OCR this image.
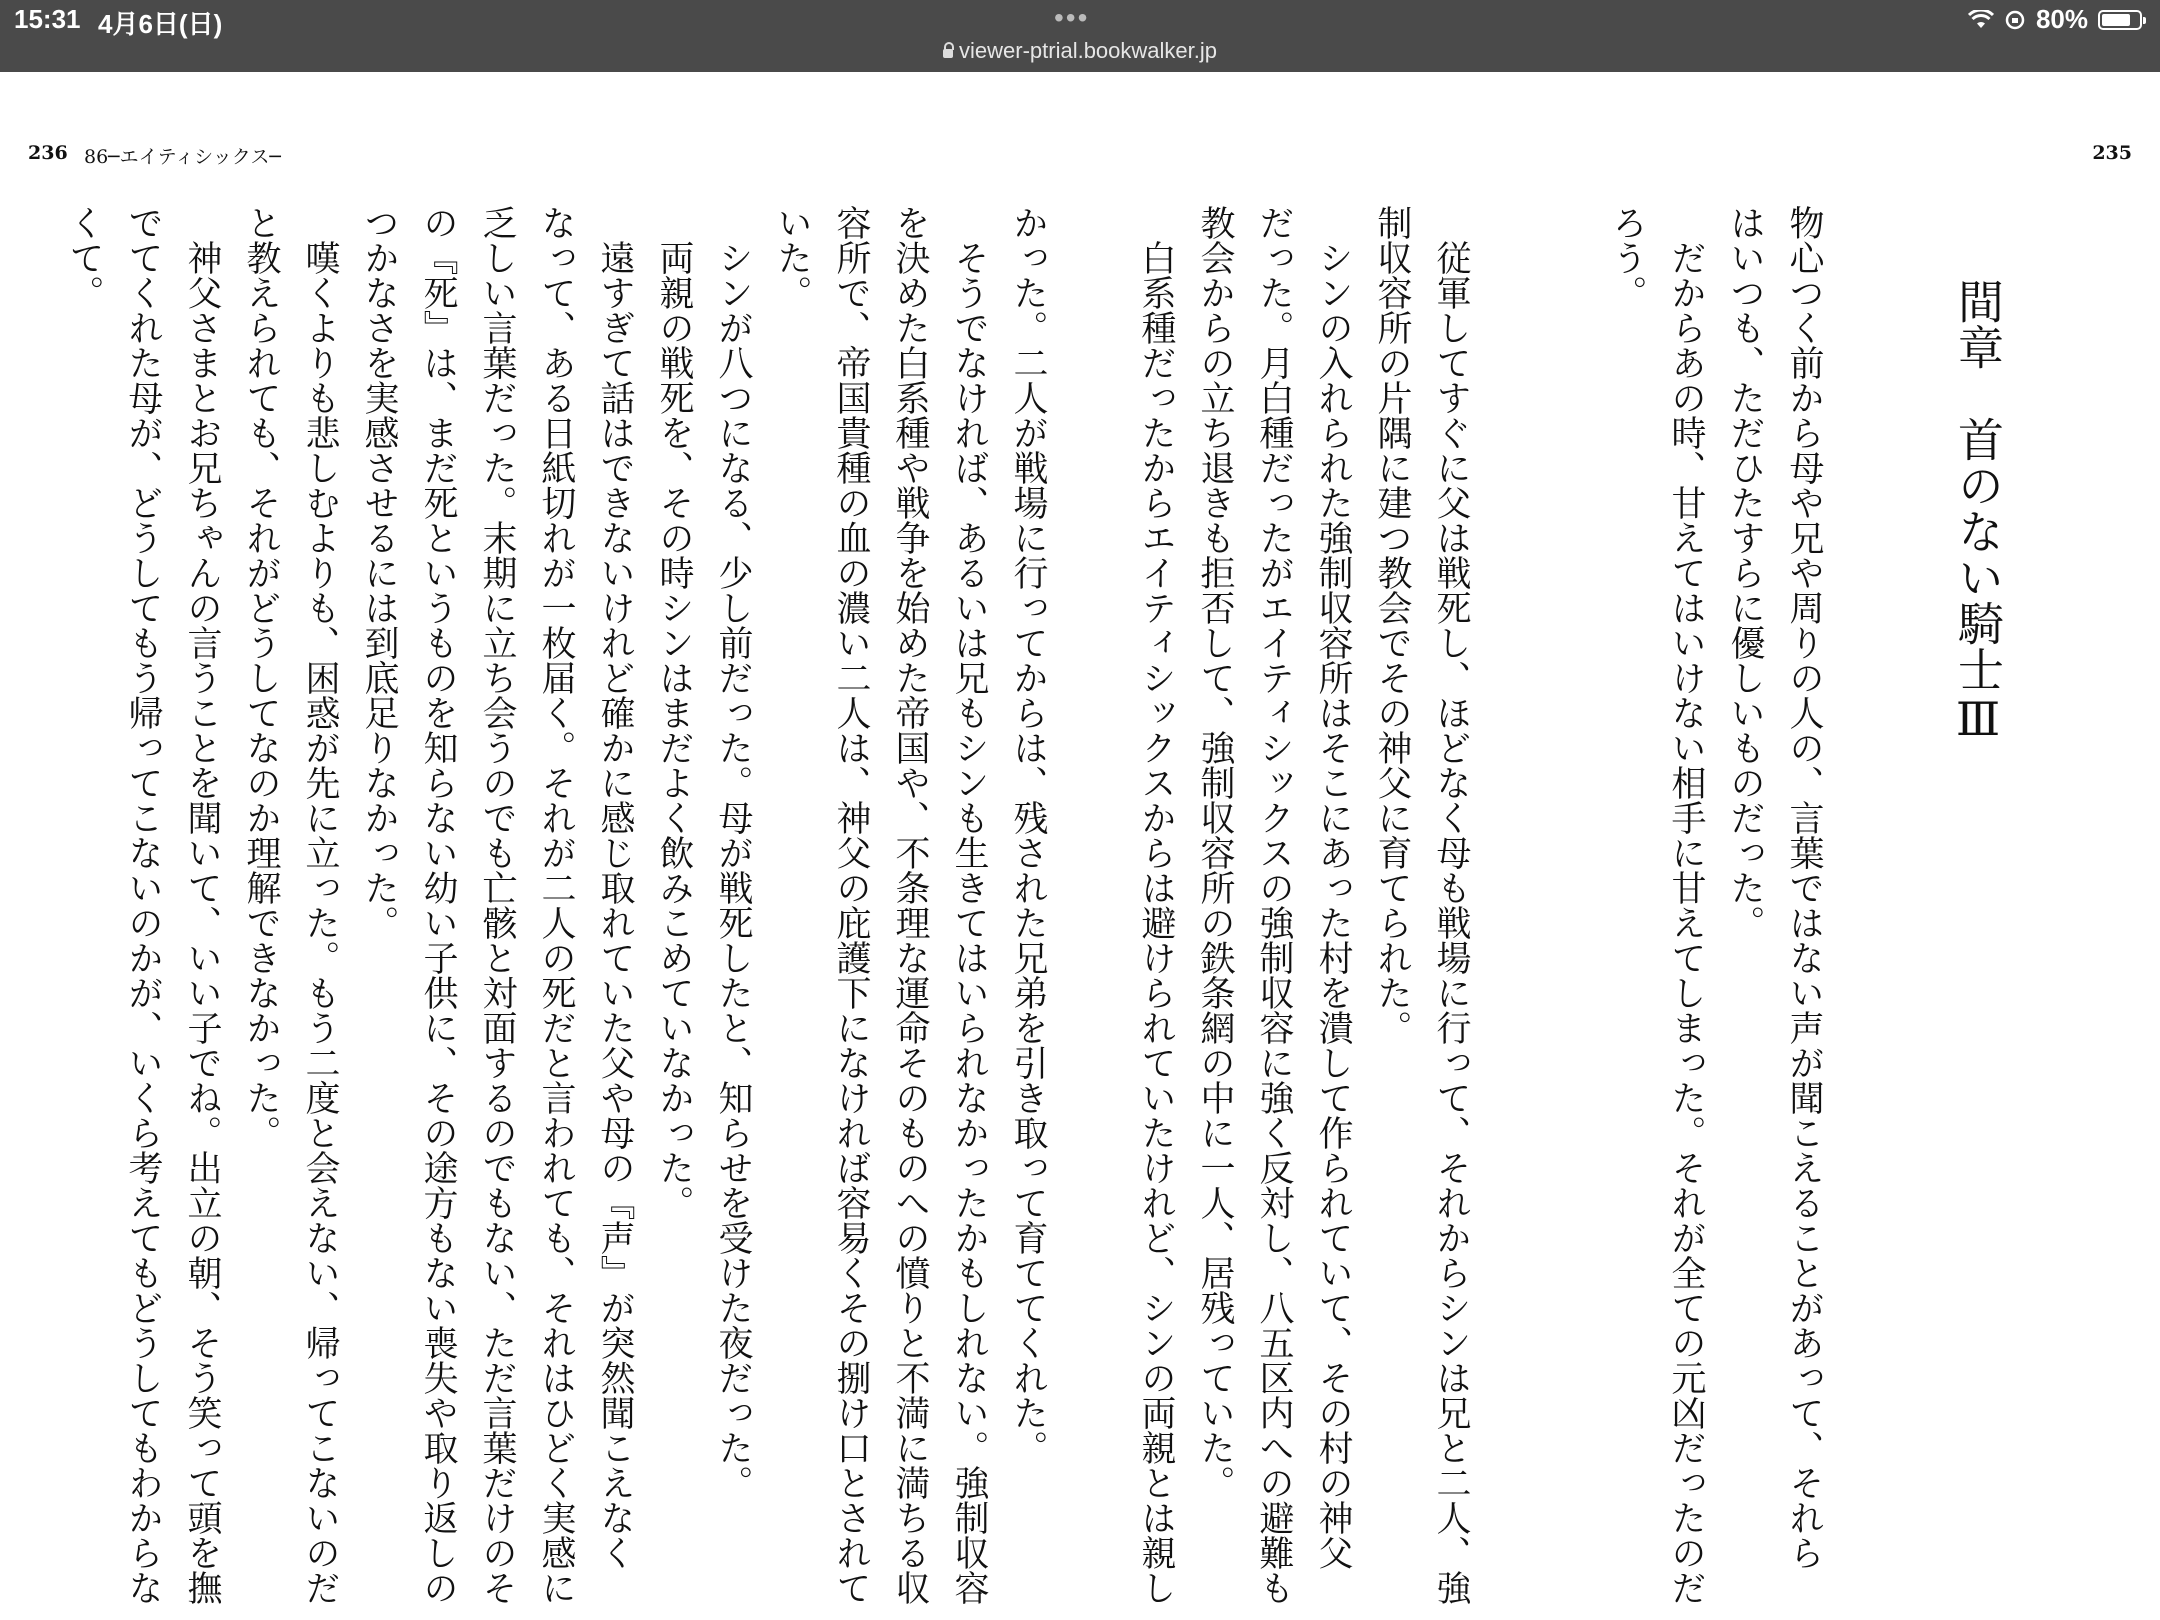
15:31 4月6日(日)	•••
viewer-ptrial.bookwalker.jp
80%
236 86─エイティシックス─	235
間章　首のない騎士Ⅲ
物心つく前から母や兄や周りの人の、言葉ではない声が聞こえることがあって、それら
はいつも、ただひたすらに優しいものだった。
　だからあの時、甘えてはいけない相手に甘えてしまった。それが全ての元凶だったのだ
ろう。
　従軍してすぐに父は戦死し、ほどなく母も戦場に行って、それからシンは兄と二人、強
制収容所の片隅に建つ教会でその神父に育てられた。
　シンの入れられた強制収容所はそこにあった村を潰して作られていて、その村の神父
だった。月白種だったがエイティシックスの強制収容に強く反対し、八五区内への避難も
教会からの立ち退きも拒否して、強制収容所の鉄条網の中に一人、居残っていた。
　白系種だったからエイティシックスからは避けられていたけれど、シンの両親とは親し
かった。二人が戦場に行ってからは、残された兄弟を引き取って育ててくれた。
　そうでなければ、あるいは兄もシンも生きてはいられなかったかもしれない。強制収容
を決めた白系種や戦争を始めた帝国や、不条理な運命そのものへの憤りと不満に満ちる収
容所で、帝国貴種の血の濃い二人は、神父の庇護下になければ容易くその捌け口とされて
いた。
　シンが八つになる、少し前だった。母が戦死したと、知らせを受けた夜だった。
　両親の戦死を、その時シンはまだよく飲みこめていなかった。
　遠すぎて話はできないけれど確かに感じ取れていた父や母の『声』が突然聞こえなく
なって、ある日紙切れが一枚届く。それが二人の死だと言われても、それはひどく実感に
乏しい言葉だった。末期に立ち会うのでも亡骸と対面するのでもない、ただ言葉だけのそ
の『死』は、まだ死というものを知らない幼い子供に、その途方もない喪失や取り返しの
つかなさを実感させるには到底足りなかった。
　嘆くよりも悲しむよりも、困惑が先に立った。もう二度と会えない、帰ってこないのだ
と教えられても、それがどうしてなのか理解できなかった。
　神父さまとお兄ちゃんの言うことを聞いて、いい子でね。出立の朝、そう笑って頭を撫
でてくれた母が、どうしてもう帰ってこないのかが、いくら考えてもどうしてもわからな
くて。
